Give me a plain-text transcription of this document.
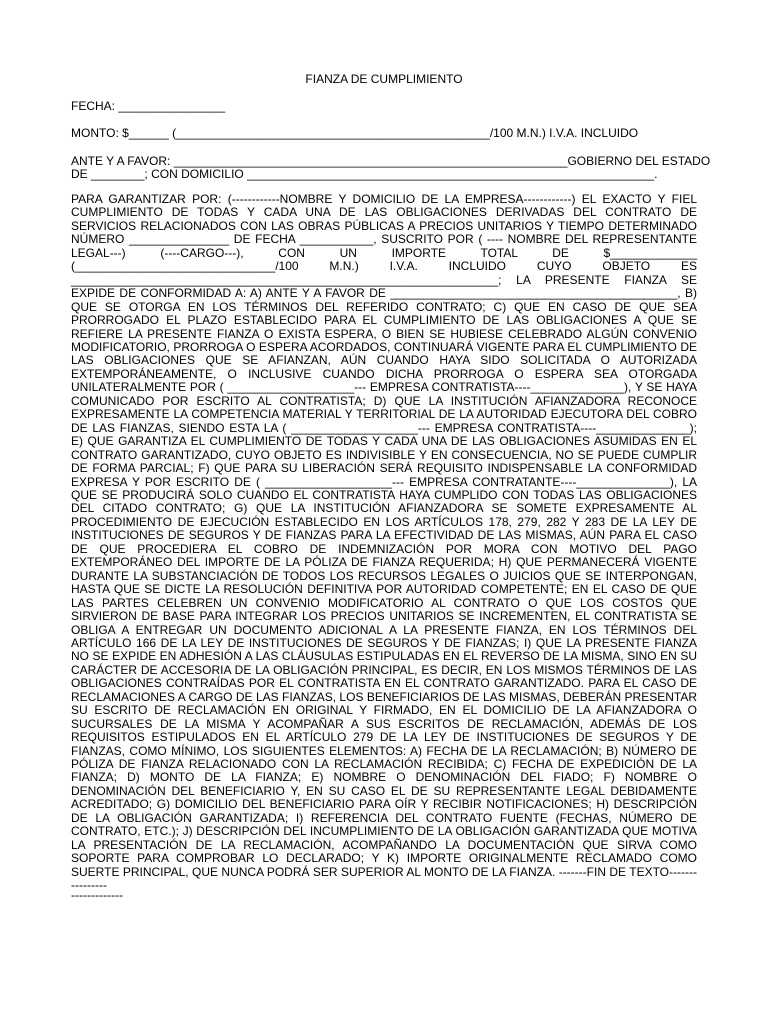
FIANZA DE CUMPLIMIENTO
FECHA: ________________
MONTO: $______ (_______________________________________________/100 M.N.) I.V.A. INCLUIDO
ANTE Y A FAVOR: ___________________________________________________________GOBIERNO DEL ESTADO
DE ________; CON DOMICILIO _____________________________________________________________.
PARA GARANTIZAR POR: (------------NOMBRE Y DOMICILIO DE LA EMPRESA------------) EL EXACTO Y FIEL CUMPLIMIENTO DE TODAS Y CADA UNA DE LAS OBLIGACIONES DERIVADAS DEL CONTRATO DE SERVICIOS RELACIONADOS CON LAS OBRAS PÚBLICAS A PRECIOS UNITARIOS Y TIEMPO DETERMINADO NÚMERO _______________ DE FECHA ___________, SUSCRITO POR ( ---- NOMBRE DEL REPRESENTANTE LEGAL---) (----CARGO---), CON UN IMPORTE TOTAL DE $_____________ (______________________________/100 M.N.) I.V.A. INCLUIDO CUYO OBJETO ES ________________________________________________________________; LA PRESENTE FIANZA SE EXPIDE DE CONFORMIDAD A: A) ANTE Y A FAVOR DE ___________________________________________, B) QUE SE OTORGA EN LOS TÉRMINOS DEL REFERIDO CONTRATO; C) QUE EN CASO DE QUE SEA PRORROGADO EL PLAZO ESTABLECIDO PARA EL CUMPLIMIENTO DE LAS OBLIGACIONES A QUE SE REFIERE LA PRESENTE FIANZA O EXISTA ESPERA, O BIEN SE HUBIESE CELEBRADO ALGÚN CONVENIO MODIFICATORIO, PRORROGA O ESPERA ACORDADOS, CONTINUARÁ VIGENTE PARA EL CUMPLIMIENTO DE LAS OBLIGACIONES QUE SE AFIANZAN, AÚN CUANDO HAYA SIDO SOLICITADA O AUTORIZADA EXTEMPORÁNEAMENTE, O INCLUSIVE CUANDO DICHA PRORROGA O ESPERA SEA OTORGADA UNILATERALMENTE POR ( ___________________--- EMPRESA CONTRATISTA----______________), Y SE HAYA COMUNICADO POR ESCRITO AL CONTRATISTA; D) QUE LA INSTITUCIÓN AFIANZADORA RECONOCE EXPRESAMENTE LA COMPETENCIA MATERIAL Y TERRITORIAL DE LA AUTORIDAD EJECUTORA DEL COBRO DE LAS FIANZAS, SIENDO ESTA LA ( ___________________--- EMPRESA CONTRATISTA----______________); E) QUE GARANTIZA EL CUMPLIMIENTO DE TODAS Y CADA UNA DE LAS OBLIGACIONES ASUMIDAS EN EL CONTRATO GARANTIZADO, CUYO OBJETO ES INDIVISIBLE Y EN CONSECUENCIA, NO SE PUEDE CUMPLIR DE FORMA PARCIAL; F) QUE PARA SU LIBERACIÓN SERÁ REQUISITO INDISPENSABLE LA CONFORMIDAD EXPRESA Y POR ESCRITO DE ( ___________________--- EMPRESA CONTRATANTE----______________), LA QUE SE PRODUCIRÁ SOLO CUANDO EL CONTRATISTA HAYA CUMPLIDO CON TODAS LAS OBLIGACIONES DEL CITADO CONTRATO; G) QUE LA INSTITUCIÓN AFIANZADORA SE SOMETE EXPRESAMENTE AL PROCEDIMIENTO DE EJECUCIÓN ESTABLECIDO EN LOS ARTÍCULOS 178, 279, 282 Y 283 DE LA LEY DE INSTITUCIONES DE SEGUROS Y DE FIANZAS PARA LA EFECTIVIDAD DE LAS MISMAS, AÚN PARA EL CASO DE QUE PROCEDIERA EL COBRO DE INDEMNIZACIÓN POR MORA CON MOTIVO DEL PAGO EXTEMPORÁNEO DEL IMPORTE DE LA PÓLIZA DE FIANZA REQUERIDA; H) QUE PERMANECERÁ VIGENTE DURANTE LA SUBSTANCIACIÓN DE TODOS LOS RECURSOS LEGALES O JUICIOS QUE SE INTERPONGAN, HASTA QUE SE DICTE LA RESOLUCIÓN DEFINITIVA POR AUTORIDAD COMPETENTE; EN EL CASO DE QUE LAS PARTES CELEBREN UN CONVENIO MODIFICATORIO AL CONTRATO O QUE LOS COSTOS QUE SIRVIERON DE BASE PARA INTEGRAR LOS PRECIOS UNITARIOS SE INCREMENTEN, EL CONTRATISTA SE OBLIGA A ENTREGAR UN DOCUMENTO ADICIONAL A LA PRESENTE FIANZA, EN LOS TÉRMINOS DEL ARTÍCULO 166 DE LA LEY DE INSTITUCIONES DE SEGUROS Y DE FIANZAS; I) QUE LA PRESENTE FIANZA NO SE EXPIDE EN ADHESIÓN A LAS CLÁUSULAS ESTIPULADAS EN EL REVERSO DE LA MISMA, SINO EN SU CARÁCTER DE ACCESORIA DE LA OBLIGACIÓN PRINCIPAL, ES DECIR, EN LOS MISMOS TÉRMINOS DE LAS OBLIGACIONES CONTRAÍDAS POR EL CONTRATISTA EN EL CONTRATO GARANTIZADO. PARA EL CASO DE RECLAMACIONES A CARGO DE LAS FIANZAS, LOS BENEFICIARIOS DE LAS MISMAS, DEBERÁN PRESENTAR SU ESCRITO DE RECLAMACIÓN EN ORIGINAL Y FIRMADO, EN EL DOMICILIO DE LA AFIANZADORA O SUCURSALES DE LA MISMA Y ACOMPAÑAR A SUS ESCRITOS DE RECLAMACIÓN, ADEMÁS DE LOS REQUISITOS ESTIPULADOS EN EL ARTÍCULO 279 DE LA LEY DE INSTITUCIONES DE SEGUROS Y DE FIANZAS, COMO MÍNIMO, LOS SIGUIENTES ELEMENTOS: A) FECHA DE LA RECLAMACIÓN; B) NÚMERO DE PÓLIZA DE FIANZA RELACIONADO CON LA RECLAMACIÓN RECIBIDA; C) FECHA DE EXPEDICIÓN DE LA FIANZA; D) MONTO DE LA FIANZA; E) NOMBRE O DENOMINACIÓN DEL FIADO; F) NOMBRE O DENOMINACIÓN DEL BENEFICIARIO Y, EN SU CASO EL DE SU REPRESENTANTE LEGAL DEBIDAMENTE ACREDITADO; G) DOMICILIO DEL BENEFICIARIO PARA OÍR Y RECIBIR NOTIFICACIONES; H) DESCRIPCIÓN DE LA OBLIGACIÓN GARANTIZADA; I) REFERENCIA DEL CONTRATO FUENTE (FECHAS, NÚMERO DE CONTRATO, ETC.); J) DESCRIPCIÓN DEL INCUMPLIMIENTO DE LA OBLIGACIÓN GARANTIZADA QUE MOTIVA LA PRESENTACIÓN DE LA RECLAMACIÓN, ACOMPAÑANDO LA DOCUMENTACIÓN QUE SIRVA COMO SOPORTE PARA COMPROBAR LO DECLARADO; Y K) IMPORTE ORIGINALMENTE RECLAMADO COMO SUERTE PRINCIPAL, QUE NUNCA PODRÁ SER SUPERIOR AL MONTO DE LA FIANZA. -------FIN DE TEXTO----------------
-------------
